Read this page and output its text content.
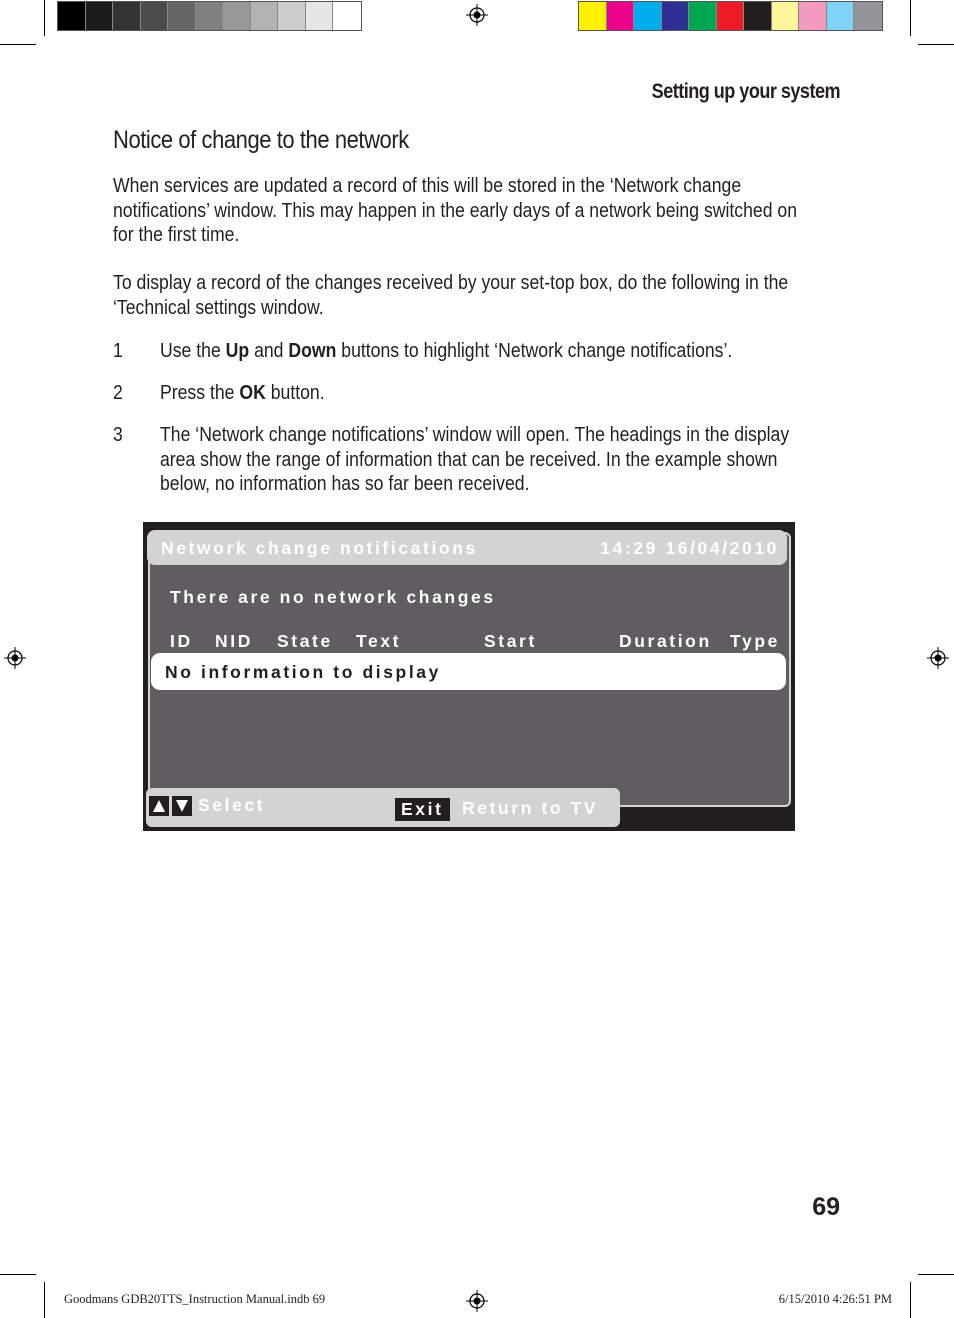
Setting up your system
Notice of change to the network
When services are updated a record of this will be stored in the ‘Network change
notifications’ window. This may happen in the early days of a network being switched on
for the first time.
To display a record of the changes received by your set-top box, do the following in the
‘Technical settings window.
1 Use the Up and Down buttons to highlight ‘Network change notifications’.
2 Press the OK button.
3 The ‘Network change notifications’ window will open. The headings in the display
area show the range of information that can be received. In the example shown
below, no information has so far been received.
There are no network changes
ID NID State Text	Start	Duration Type
Network change notifications	14:29 16/04/2010
No information to display
Select	Exit	Return to TV
69
Goodmans GDB20TTS_Instruction Manual.indb 69	6/15/2010 4:26:51 PM
